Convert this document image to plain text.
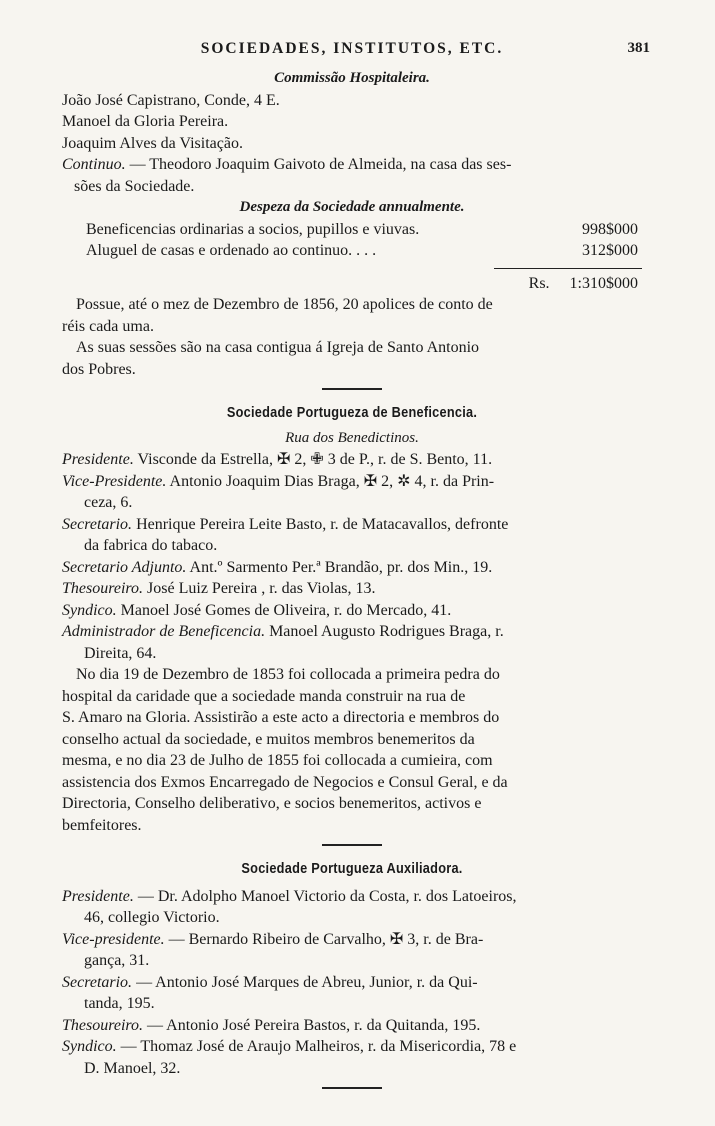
SOCIEDADES, INSTITUTOS, ETC.	381
Commissão Hospitaleira.
João José Capistrano, Conde, 4 E.
Manoel da Gloria Pereira.
Joaquim Alves da Visitação.
Continuo. — Theodoro Joaquim Gaivoto de Almeida, na casa das ses-
sões da Sociedade.
Despeza da Sociedade annualmente.
Beneficencias ordinarias a socios, pupillos e viuvas.	998$000
Aluguel de casas e ordenado ao continuo. . . .	312$000
Rs. 1:310$000
Possue, até o mez de Dezembro de 1856, 20 apolices de conto de
réis cada uma.
As suas sessões são na casa contigua á Igreja de Santo Antonio
dos Pobres.
Sociedade Portugueza de Beneficencia.
Rua dos Benedictinos.
Presidente. Visconde da Estrella, ✠ 2, ✙ 3 de P., r. de S. Bento, 11.
Vice-Presidente. Antonio Joaquim Dias Braga, ✠ 2, ✲ 4, r. da Prin-
ceza, 6.
Secretario. Henrique Pereira Leite Basto, r. de Matacavallos, defronte
da fabrica do tabaco.
Secretario Adjunto. Ant.º Sarmento Per.ª Brandão, pr. dos Min., 19.
Thesoureiro. José Luiz Pereira , r. das Violas, 13.
Syndico. Manoel José Gomes de Oliveira, r. do Mercado, 41.
Administrador de Beneficencia. Manoel Augusto Rodrigues Braga, r.
Direita, 64.
No dia 19 de Dezembro de 1853 foi collocada a primeira pedra do
hospital da caridade que a sociedade manda construir na rua de
S. Amaro na Gloria. Assistirão a este acto a directoria e membros do
conselho actual da sociedade, e muitos membros benemeritos da
mesma, e no dia 23 de Julho de 1855 foi collocada a cumieira, com
assistencia dos Exmos Encarregado de Negocios e Consul Geral, e da
Directoria, Conselho deliberativo, e socios benemeritos, activos e
bemfeitores.
Sociedade Portugueza Auxiliadora.
Presidente. — Dr. Adolpho Manoel Victorio da Costa, r. dos Latoeiros,
46, collegio Victorio.
Vice-presidente. — Bernardo Ribeiro de Carvalho, ✠ 3, r. de Bra-
gança, 31.
Secretario. — Antonio José Marques de Abreu, Junior, r. da Qui-
tanda, 195.
Thesoureiro. — Antonio José Pereira Bastos, r. da Quitanda, 195.
Syndico. — Thomaz José de Araujo Malheiros, r. da Misericordia, 78 e
D. Manoel, 32.
